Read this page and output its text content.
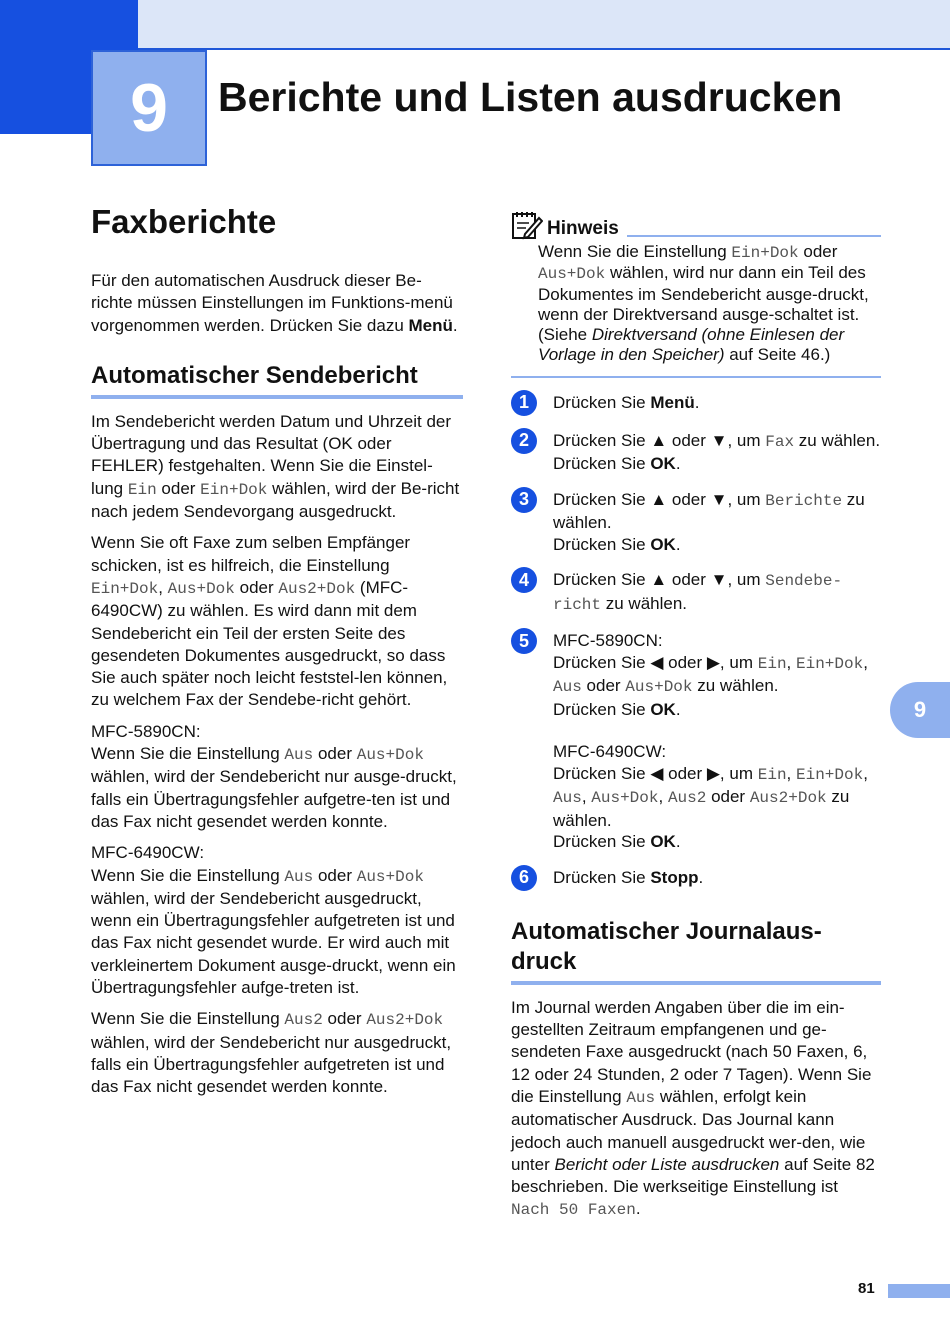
9 Berichte und Listen ausdrucken
9
81
Faxberichte

Für den automatischen Ausdruck dieser Be-richte müssen Einstellungen im Funktions-menü vorgenommen werden. Drücken Sie dazu Menü.

Automatischer Sendebericht

Im Sendebericht werden Datum und Uhrzeit der Übertragung und das Resultat (OK oder FEHLER) festgehalten. Wenn Sie die Einstel-lung Ein oder Ein+Dok wählen, wird der Be-richt nach jedem Sendevorgang ausgedruckt.

Wenn Sie oft Faxe zum selben Empfänger schicken, ist es hilfreich, die Einstellung Ein+Dok, Aus+Dok oder Aus2+Dok (MFC-6490CW) zu wählen. Es wird dann mit dem Sendebericht ein Teil der ersten Seite des gesendeten Dokumentes ausgedruckt, so dass Sie auch später noch leicht feststel-len können, zu welchem Fax der Sendebe-richt gehört.

MFC-5890CN:
Wenn Sie die Einstellung Aus oder Aus+Dok wählen, wird der Sendebericht nur ausge-druckt, falls ein Übertragungsfehler aufgetre-ten ist und das Fax nicht gesendet werden konnte.

MFC-6490CW:
Wenn Sie die Einstellung Aus oder Aus+Dok wählen, wird der Sendebericht ausgedruckt, wenn ein Übertragungsfehler aufgetreten ist und das Fax nicht gesendet wurde. Er wird auch mit verkleinertem Dokument ausge-druckt, wenn ein Übertragungsfehler aufge-treten ist.

Wenn Sie die Einstellung Aus2 oder Aus2+Dok wählen, wird der Sendebericht nur ausgedruckt, falls ein Übertragungsfehler aufgetreten ist und das Fax nicht gesendet werden konnte.

Hinweis

Wenn Sie die Einstellung Ein+Dok oder Aus+Dok wählen, wird nur dann ein Teil des Dokumentes im Sendebericht ausge-druckt, wenn der Direktversand ausge-schaltet ist. (Siehe Direktversand (ohne Einlesen der Vorlage in den Speicher) auf Seite 46.)

1	Drücken Sie Menü.
2	Drücken Sie ▲ oder ▼, um Fax zu wählen.
Drücken Sie OK.
3	Drücken Sie ▲ oder ▼, um Berichte zu wählen.
Drücken Sie OK.
4	Drücken Sie ▲ oder ▼, um Sendebe-richt zu wählen.
5	MFC-5890CN:
Drücken Sie ◀ oder ▶, um Ein, Ein+Dok, Aus oder Aus+Dok zu wählen.
Drücken Sie OK.
MFC-6490CW:
Drücken Sie ◀ oder ▶, um Ein, Ein+Dok, Aus, Aus+Dok, Aus2 oder Aus2+Dok zu wählen.
Drücken Sie OK.
6	Drücken Sie Stopp.
Automatischer Journalaus-druck

Im Journal werden Angaben über die im ein-gestellten Zeitraum empfangenen und ge-sendeten Faxe ausgedruckt (nach 50 Faxen, 6, 12 oder 24 Stunden, 2 oder 7 Tagen). Wenn Sie die Einstellung Aus wählen, erfolgt kein automatischer Ausdruck. Das Journal kann jedoch auch manuell ausgedruckt wer-den, wie unter Bericht oder Liste ausdrucken auf Seite 82 beschrieben. Die werkseitige Einstellung ist Nach 50 Faxen.
